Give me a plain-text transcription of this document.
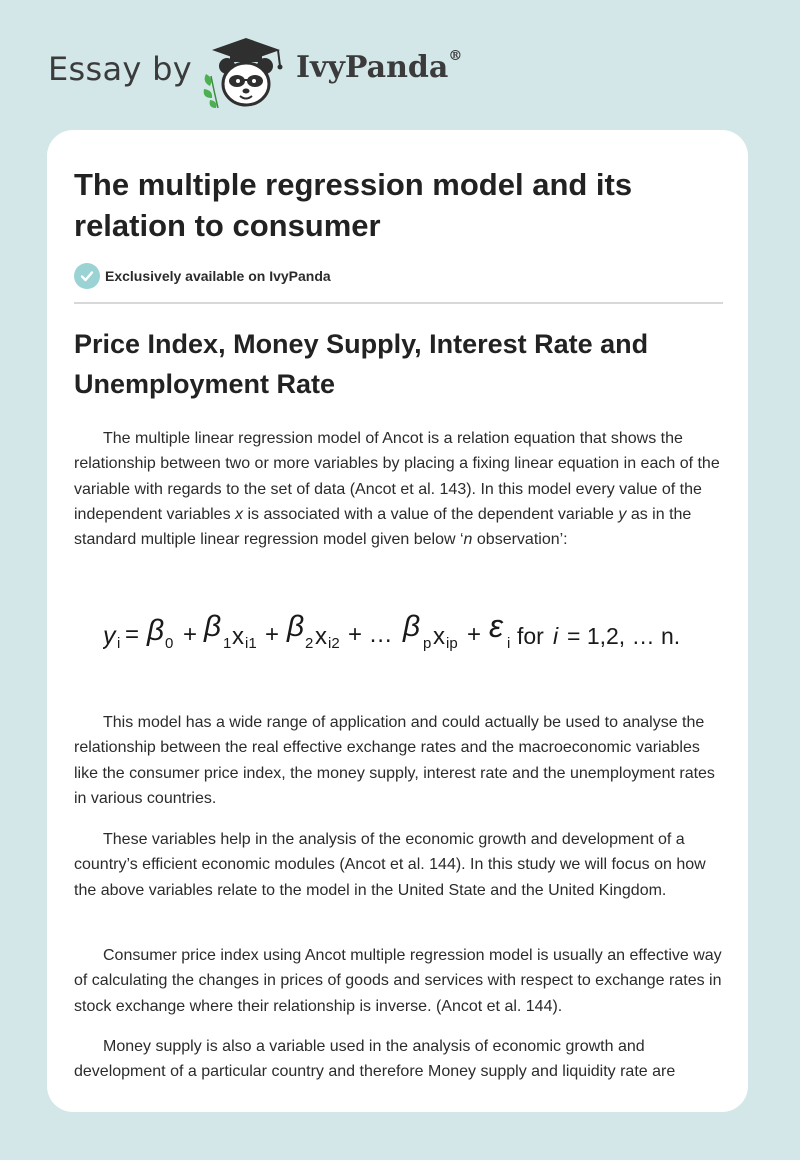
Essay by	IvyPanda®
The multiple regression model and its relation to consumer
Exclusively available on IvyPanda
Price Index, Money Supply, Interest Rate and Unemployment Rate

The multiple linear regression model of Ancot is a relation equation that shows the relationship between two or more variables by placing a fixing linear equation in each of the variable with regards to the set of data (Ancot et al. 143). In this model every value of the independent variables x is associated with a value of the dependent variable y as in the standard multiple linear regression model given below ‘n observation’:

y i = β 0 + β
1 x i1 + β
2 x i2 + … β
p x ip + ε i for i = 1,2, … n.

This model has a wide range of application and could actually be used to analyse the relationship between the real effective exchange rates and the macroeconomic variables like the consumer price index, the money supply, interest rate and the unemployment rates in various countries.

These variables help in the analysis of the economic growth and development of a country’s efficient economic modules (Ancot et al. 144). In this study we will focus on how the above variables relate to the model in the United State and the United Kingdom.

Consumer price index using Ancot multiple regression model is usually an effective way of calculating the changes in prices of goods and services with respect to exchange rates in stock exchange where their relationship is inverse. (Ancot et al. 144).

Money supply is also a variable used in the analysis of economic growth and development of a particular country and therefore Money supply and liquidity rate are
